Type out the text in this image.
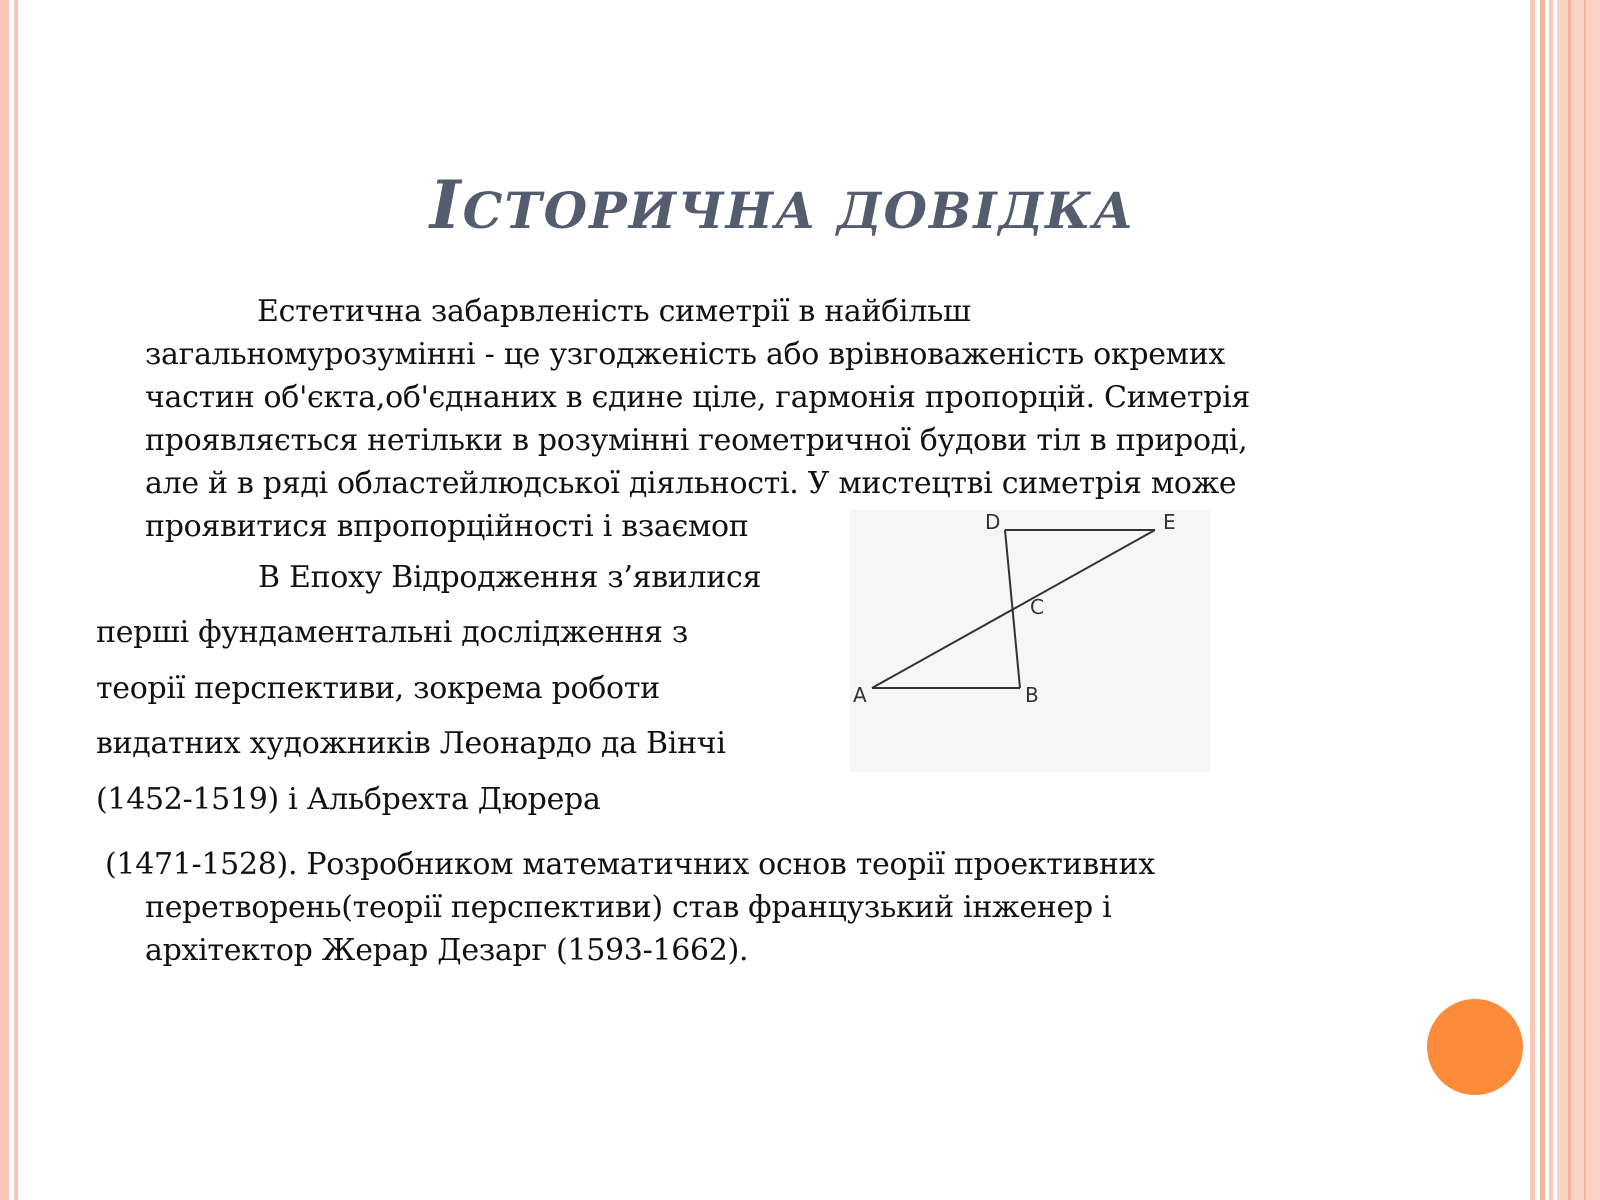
ІСТОРИЧНА ДОВІДКА
Естетична забарвленість симетрії в найбільш
загальномурозумінні - це узгодженість або врівноваженість окремих
частин об'єкта,об'єднаних в єдине ціле, гармонія пропорцій. Симетрія
проявляється нетільки в розумінні геометричної будови тіл в природі,
але й в ряді областейлюдської діяльності. У мистецтві симетрія може
проявитися впропорційності і взаємоп
В Епоху Відродження з’явилися
перші фундаментальні дослідження з
теорії перспективи, зокрема роботи
видатних художників Леонардо да Вінчі
(1452-1519) і Альбрехта Дюрера
(1471-1528). Розробником математичних основ теорії проективних
перетворень(теорії перспективи) став французький інженер і
архітектор Жерар Дезарг (1593-1662).
A	B
C
D	E
